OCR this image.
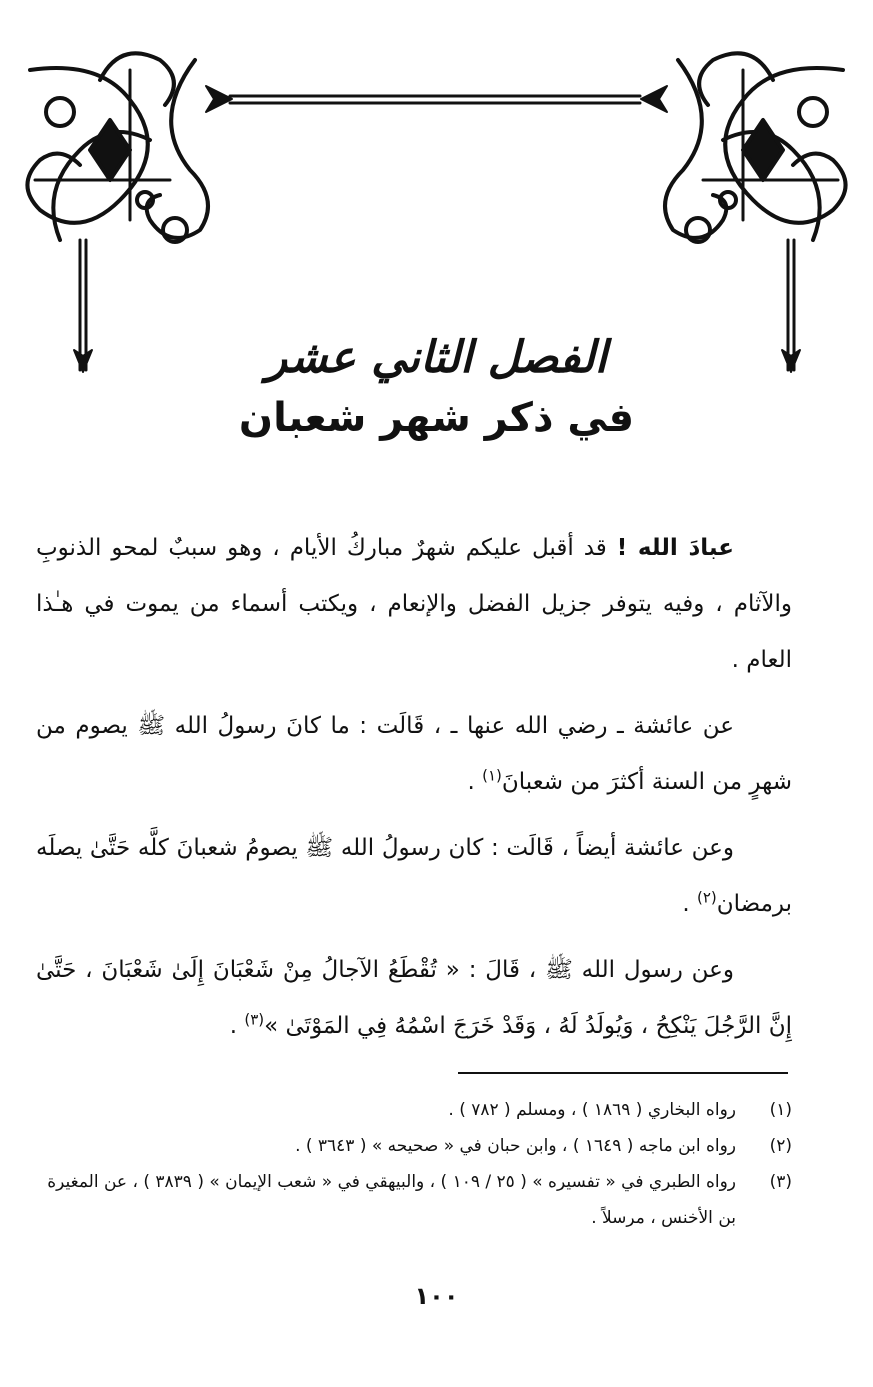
الفصل الثاني عشر
في ذكر شهر شعبان

عبادَ الله ! قد أقبل عليكم شهرٌ مباركُ الأيام ، وهو سببٌ لمحو الذنوبِ والآثام ، وفيه يتوفر جزيل الفضل والإنعام ، ويكتب أسماء من يموت في هـٰذا العام .

عن عائشة ـ رضي الله عنها ـ ، قَالَت : ما كانَ رسولُ الله ﷺ يصوم من شهرٍ من السنة أكثرَ من شعبانَ$^{(١)}$ .

وعن عائشة أيضاً ، قَالَت : كان رسولُ الله ﷺ يصومُ شعبانَ كلَّه حَتَّىٰ يصلَه برمضان$^{(٢)}$ .

وعن رسول الله ﷺ ، قَالَ : « تُقْطَعُ الآجالُ مِنْ شَعْبَانَ إِلَىٰ شَعْبَانَ ، حَتَّىٰ إِنَّ الرَّجُلَ يَنْكِحُ ، وَيُولَدُ لَهُ ، وَقَدْ خَرَجَ اسْمُهُ فِي المَوْتَىٰ »$^{(٣)}$ .

(١)
رواه البخاري ( ١٨٦٩ ) ، ومسلم ( ٧٨٢ ) .
(٢)
رواه ابن ماجه ( ١٦٤٩ ) ، وابن حبان في « صحيحه » ( ٣٦٤٣ ) .
(٣)
رواه الطبري في « تفسيره » ( ٢٥ / ١٠٩ ) ، والبيهقي في « شعب الإيمان » ( ٣٨٣٩ ) ، عن المغيرة بن الأخنس ، مرسلاً .
١٠٠
